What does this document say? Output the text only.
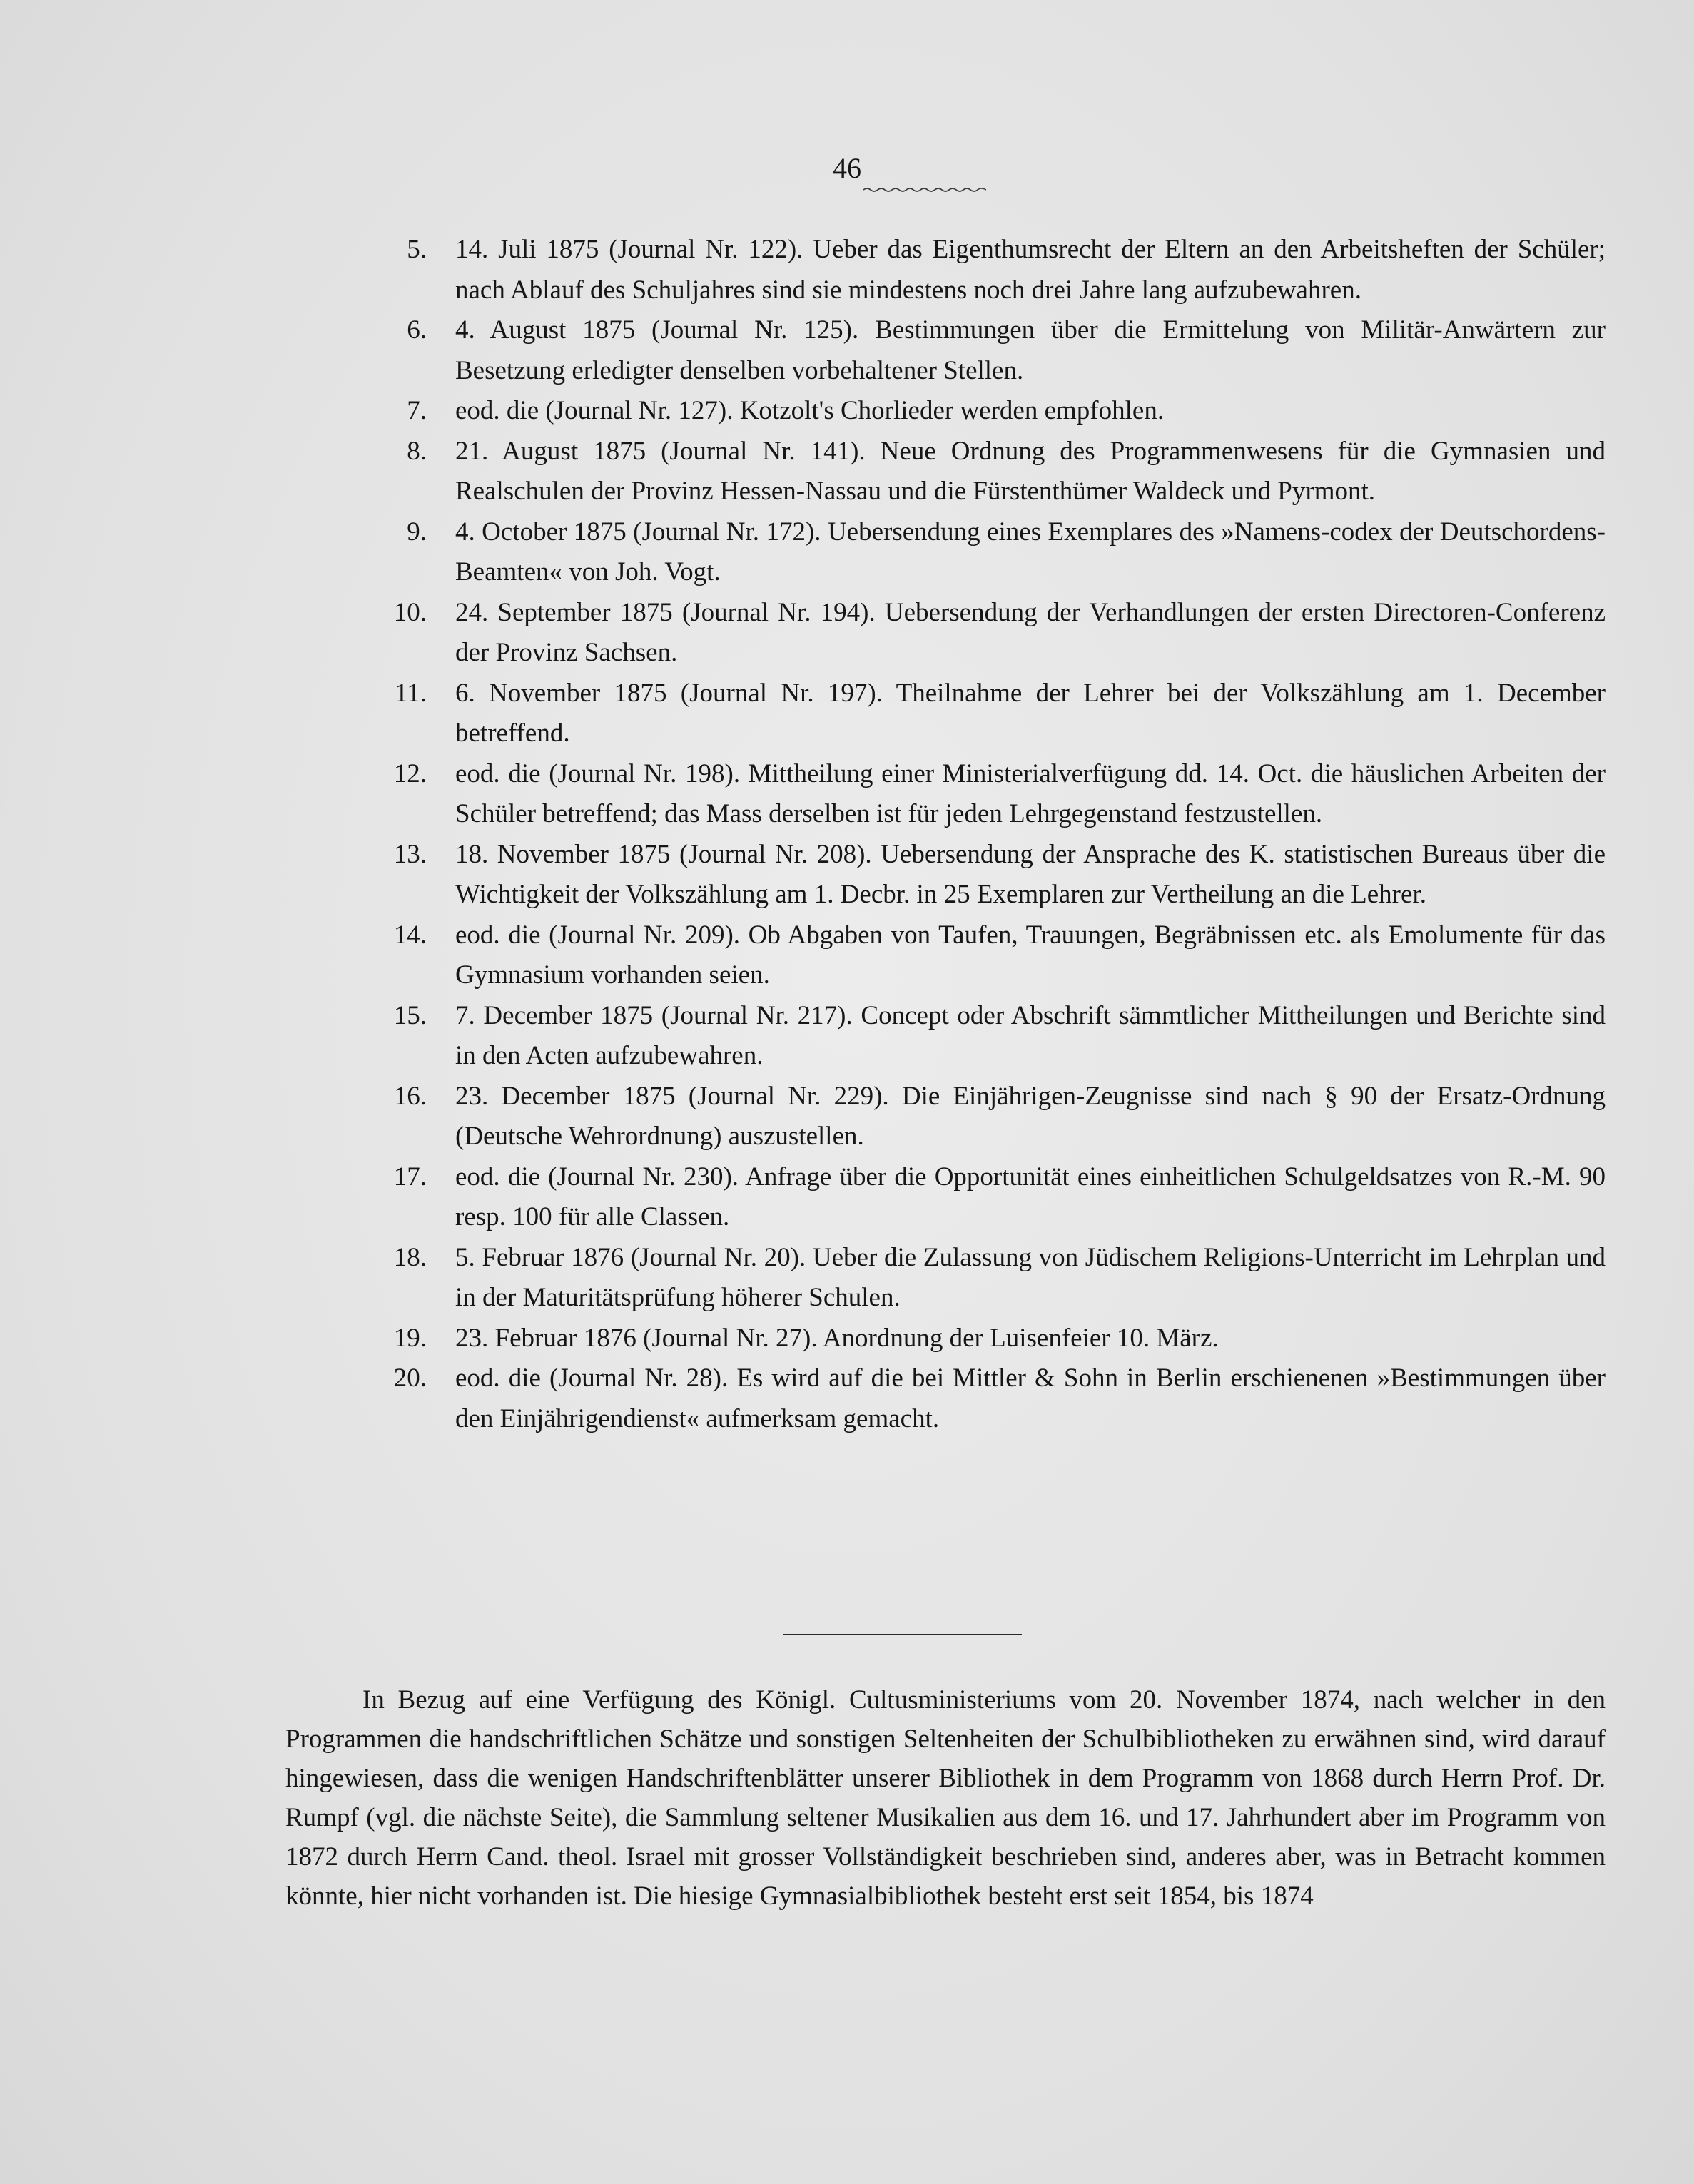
46
5. 14. Juli 1875 (Journal Nr. 122). Ueber das Eigenthumsrecht der Eltern an den Arbeitsheften der Schüler; nach Ablauf des Schuljahres sind sie mindestens noch drei Jahre lang aufzubewahren.
6. 4. August 1875 (Journal Nr. 125). Bestimmungen über die Ermittelung von Militär-Anwärtern zur Besetzung erledigter denselben vorbehaltener Stellen.
7. eod. die (Journal Nr. 127). Kotzolt's Chorlieder werden empfohlen.
8. 21. August 1875 (Journal Nr. 141). Neue Ordnung des Programmenwesens für die Gymnasien und Realschulen der Provinz Hessen-Nassau und die Fürstenthümer Waldeck und Pyrmont.
9. 4. October 1875 (Journal Nr. 172). Uebersendung eines Exemplares des »Namens-codex der Deutschordens-Beamten« von Joh. Vogt.
10. 24. September 1875 (Journal Nr. 194). Uebersendung der Verhandlungen der ersten Directoren-Conferenz der Provinz Sachsen.
11. 6. November 1875 (Journal Nr. 197). Theilnahme der Lehrer bei der Volkszählung am 1. December betreffend.
12. eod. die (Journal Nr. 198). Mittheilung einer Ministerialverfügung dd. 14. Oct. die häuslichen Arbeiten der Schüler betreffend; das Mass derselben ist für jeden Lehrgegenstand festzustellen.
13. 18. November 1875 (Journal Nr. 208). Uebersendung der Ansprache des K. statistischen Bureaus über die Wichtigkeit der Volkszählung am 1. Decbr. in 25 Exemplaren zur Vertheilung an die Lehrer.
14. eod. die (Journal Nr. 209). Ob Abgaben von Taufen, Trauungen, Begräbnissen etc. als Emolumente für das Gymnasium vorhanden seien.
15. 7. December 1875 (Journal Nr. 217). Concept oder Abschrift sämmtlicher Mittheilungen und Berichte sind in den Acten aufzubewahren.
16. 23. December 1875 (Journal Nr. 229). Die Einjährigen-Zeugnisse sind nach § 90 der Ersatz-Ordnung (Deutsche Wehrordnung) auszustellen.
17. eod. die (Journal Nr. 230). Anfrage über die Opportunität eines einheitlichen Schulgeldsatzes von R.-M. 90 resp. 100 für alle Classen.
18. 5. Februar 1876 (Journal Nr. 20). Ueber die Zulassung von Jüdischem Religions-Unterricht im Lehrplan und in der Maturitätsprüfung höherer Schulen.
19. 23. Februar 1876 (Journal Nr. 27). Anordnung der Luisenfeier 10. März.
20. eod. die (Journal Nr. 28). Es wird auf die bei Mittler & Sohn in Berlin erschienenen »Bestimmungen über den Einjährigendienst« aufmerksam gemacht.

In Bezug auf eine Verfügung des Königl. Cultusministeriums vom 20. November 1874, nach welcher in den Programmen die handschriftlichen Schätze und sonstigen Seltenheiten der Schulbibliotheken zu erwähnen sind, wird darauf hingewiesen, dass die wenigen Handschriftenblätter unserer Bibliothek in dem Programm von 1868 durch Herrn Prof. Dr. Rumpf (vgl. die nächste Seite), die Sammlung seltener Musikalien aus dem 16. und 17. Jahrhundert aber im Programm von 1872 durch Herrn Cand. theol. Israel mit grosser Vollständigkeit beschrieben sind, anderes aber, was in Betracht kommen könnte, hier nicht vorhanden ist. Die hiesige Gymnasialbibliothek besteht erst seit 1854, bis 1874
